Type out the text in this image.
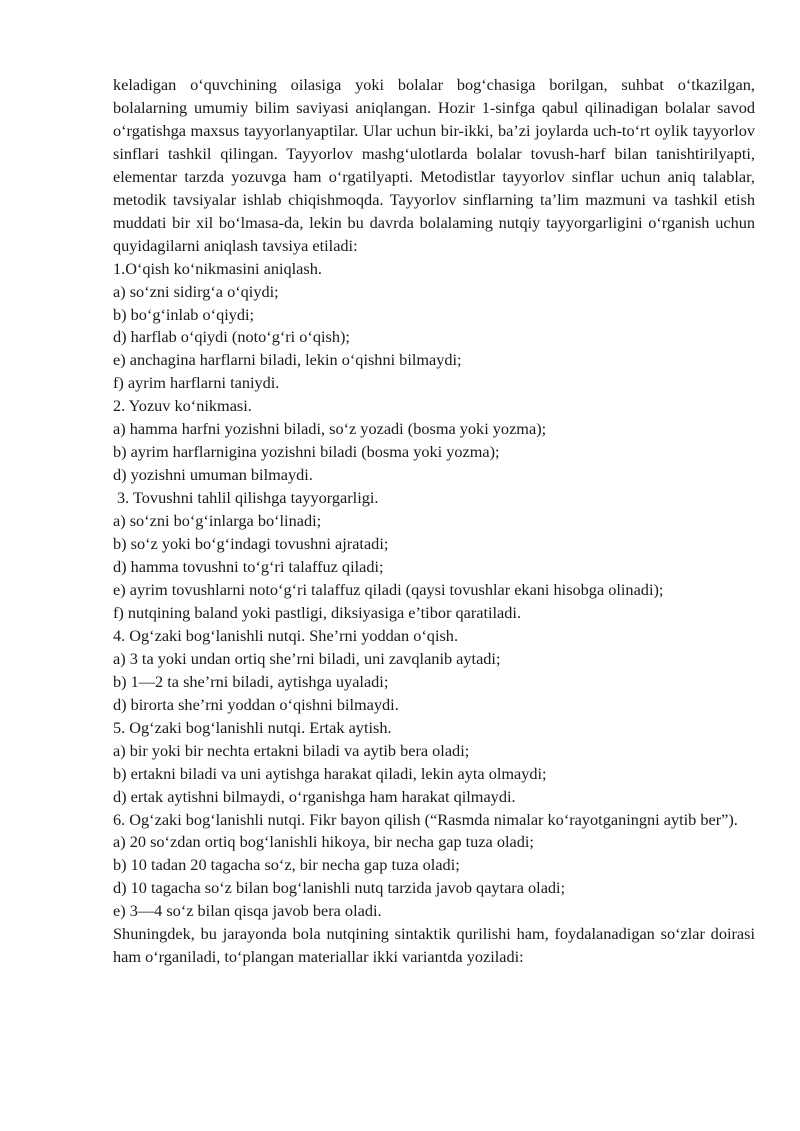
keladigan o‘quvchining oilasiga yoki bolalar bog‘chasiga borilgan, suhbat o‘tkazilgan, bolalarning umumiy bilim saviyasi aniqlangan. Hozir 1-sinfga qabul qilinadigan bolalar savod o‘rgatishga maxsus tayyorlanyaptilar. Ular uchun bir-ikki, ba’zi joylarda uch-to‘rt oylik tayyorlov sinflari tashkil qilingan. Tayyorlov mashg‘ulotlarda bolalar tovush-harf bilan tanishtirilyapti, elementar tarzda yozuvga ham o‘rgatilyapti. Metodistlar tayyorlov sinflar uchun aniq talablar, metodik tavsiyalar ishlab chiqishmoqda. Tayyorlov sinflarning ta’lim mazmuni va tashkil etish muddati bir xil bo‘lmasa-da, lekin bu davrda bolalaming nutqiy tayyorgarligini o‘rganish uchun quyidagilarni aniqlash tavsiya etiladi:

1.O‘qish ko‘nikmasini aniqlash.

a) so‘zni sidirg‘a o‘qiydi;

b) bo‘g‘inlab o‘qiydi;

d) harflab o‘qiydi (noto‘g‘ri o‘qish);

e) anchagina harflarni biladi, lekin o‘qishni bilmaydi;

f) ayrim harflarni taniydi.

2. Yozuv ko‘nikmasi.

a) hamma harfni yozishni biladi, so‘z yozadi (bosma yoki yozma);

b) ayrim harflarnigina yozishni biladi (bosma yoki yozma);

d) yozishni umuman bilmaydi.

3. Tovushni tahlil qilishga tayyorgarligi.

a) so‘zni bo‘g‘inlarga bo‘linadi;

b) so‘z yoki bo‘g‘indagi tovushni ajratadi;

d) hamma tovushni to‘g‘ri talaffuz qiladi;

e) ayrim tovushlarni noto‘g‘ri talaffuz qiladi (qaysi tovushlar ekani hisobga olinadi);

f) nutqining baland yoki pastligi, diksiyasiga e’tibor qaratiladi.

4. Og‘zaki bog‘lanishli nutqi. She’rni yoddan o‘qish.

a) 3 ta yoki undan ortiq she’rni biladi, uni zavqlanib aytadi;

b) 1—2 ta she’rni biladi, aytishga uyaladi;

d) birorta she’rni yoddan o‘qishni bilmaydi.

5. Og‘zaki bog‘lanishli nutqi. Ertak aytish.

a) bir yoki bir nechta ertakni biladi va aytib bera oladi;

b) ertakni biladi va uni aytishga harakat qiladi, lekin ayta olmaydi;

d) ertak aytishni bilmaydi, o‘rganishga ham harakat qilmaydi.

6. Og‘zaki bog‘lanishli nutqi. Fikr bayon qilish (“Rasmda nimalar ko‘rayotganingni aytib ber”).

a) 20 so‘zdan ortiq bog‘lanishli hikoya, bir necha gap tuza oladi;

b) 10 tadan 20 tagacha so‘z, bir necha gap tuza oladi;

d) 10 tagacha so‘z bilan bog‘lanishli nutq tarzida javob qaytara oladi;

e) 3—4 so‘z bilan qisqa javob bera oladi.

Shuningdek, bu jarayonda bola nutqining sintaktik qurilishi ham, foydalanadigan so‘zlar doirasi ham o‘rganiladi, to‘plangan materiallar ikki variantda yoziladi:
